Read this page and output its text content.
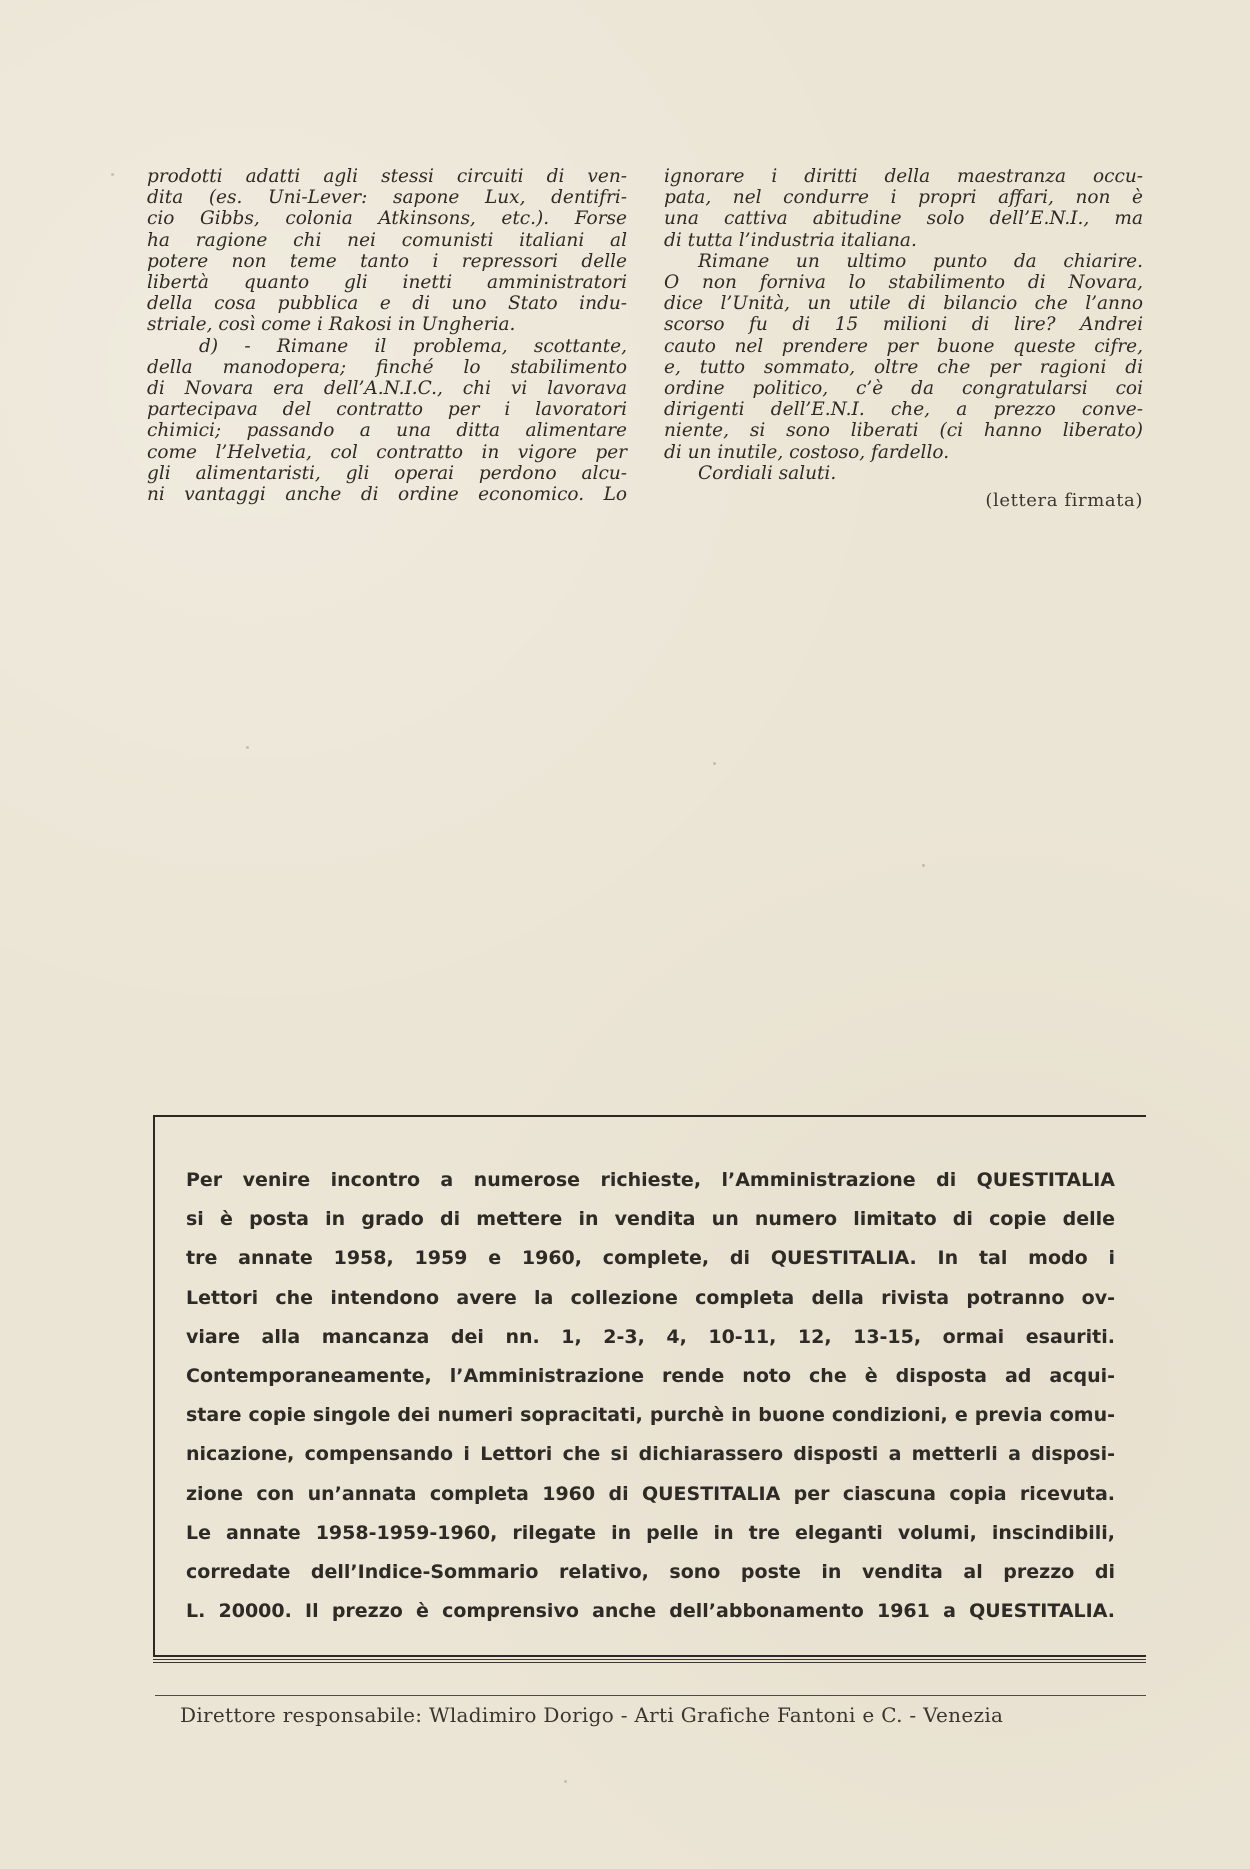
prodotti adatti agli stessi circuiti di ven-
dita (es. Uni-Lever: sapone Lux, dentifri-
cio Gibbs, colonia Atkinsons, etc.). Forse
ha ragione chi nei comunisti italiani al
potere non teme tanto i repressori delle
libertà quanto gli inetti amministratori
della cosa pubblica e di uno Stato indu-
striale, così come i Rakosi in Ungheria.
d) - Rimane il problema, scottante,
della manodopera; finché lo stabilimento
di Novara era dell’A.N.I.C., chi vi lavorava
partecipava del contratto per i lavoratori
chimici; passando a una ditta alimentare
come l’Helvetia, col contratto in vigore per
gli alimentaristi, gli operai perdono alcu-
ni vantaggi anche di ordine economico. Lo
ignorare i diritti della maestranza occu-
pata, nel condurre i propri affari, non è
una cattiva abitudine solo dell’E.N.I., ma
di tutta l’industria italiana.
Rimane un ultimo punto da chiarire.
O non forniva lo stabilimento di Novara,
dice l’Unità, un utile di bilancio che l’anno
scorso fu di 15 milioni di lire? Andrei
cauto nel prendere per buone queste cifre,
e, tutto sommato, oltre che per ragioni di
ordine politico, c’è da congratularsi coi
dirigenti dell’E.N.I. che, a prezzo conve-
niente, si sono liberati (ci hanno liberato)
di un inutile, costoso, fardello.
Cordiali saluti.
(lettera firmata)
Per venire incontro a numerose richieste, l’Amministrazione di QUESTITALIA
si è posta in grado di mettere in vendita un numero limitato di copie delle
tre annate 1958, 1959 e 1960, complete, di QUESTITALIA. In tal modo i
Lettori che intendono avere la collezione completa della rivista potranno ov-
viare alla mancanza dei nn. 1, 2-3, 4, 10-11, 12, 13-15, ormai esauriti.
Contemporaneamente, l’Amministrazione rende noto che è disposta ad acqui-
stare copie singole dei numeri sopracitati, purchè in buone condizioni, e previa comu-
nicazione, compensando i Lettori che si dichiarassero disposti a metterli a disposi-
zione con un’annata completa 1960 di QUESTITALIA per ciascuna copia ricevuta.
Le annate 1958-1959-1960, rilegate in pelle in tre eleganti volumi, inscindibili,
corredate dell’Indice-Sommario relativo, sono poste in vendita al prezzo di
L. 20000. Il prezzo è comprensivo anche dell’abbonamento 1961 a QUESTITALIA.
Direttore responsabile: Wladimiro Dorigo - Arti Grafiche Fantoni e C. - Venezia
